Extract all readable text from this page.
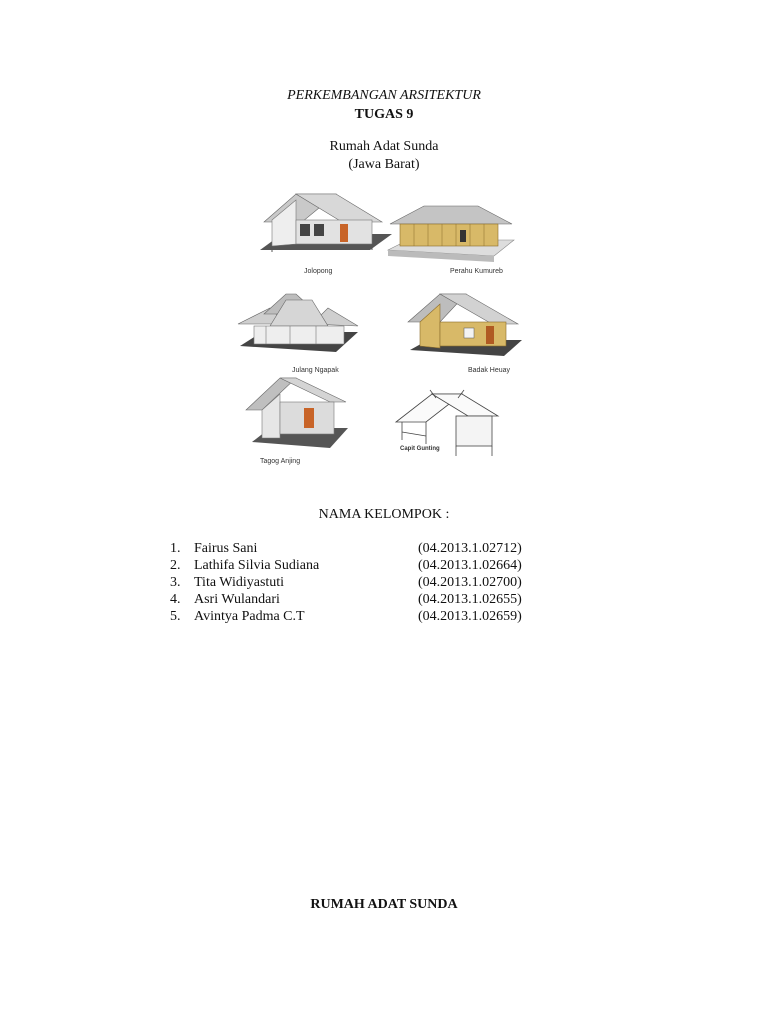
PERKEMBANGAN ARSITEKTUR
TUGAS 9
Rumah Adat Sunda
(Jawa Barat)
Jolopong	Perahu Kumureb
Julang Ngapak	Badak Heuay
Tagog Anjing
Capit Gunting
NAMA KELOMPOK :
1. Fairus Sani	(04.2013.1.02712)
2. Lathifa Silvia Sudiana	(04.2013.1.02664)
3. Tita Widiyastuti	(04.2013.1.02700)
4. Asri Wulandari	(04.2013.1.02655)
5. Avintya Padma C.T	(04.2013.1.02659)
RUMAH ADAT SUNDA
